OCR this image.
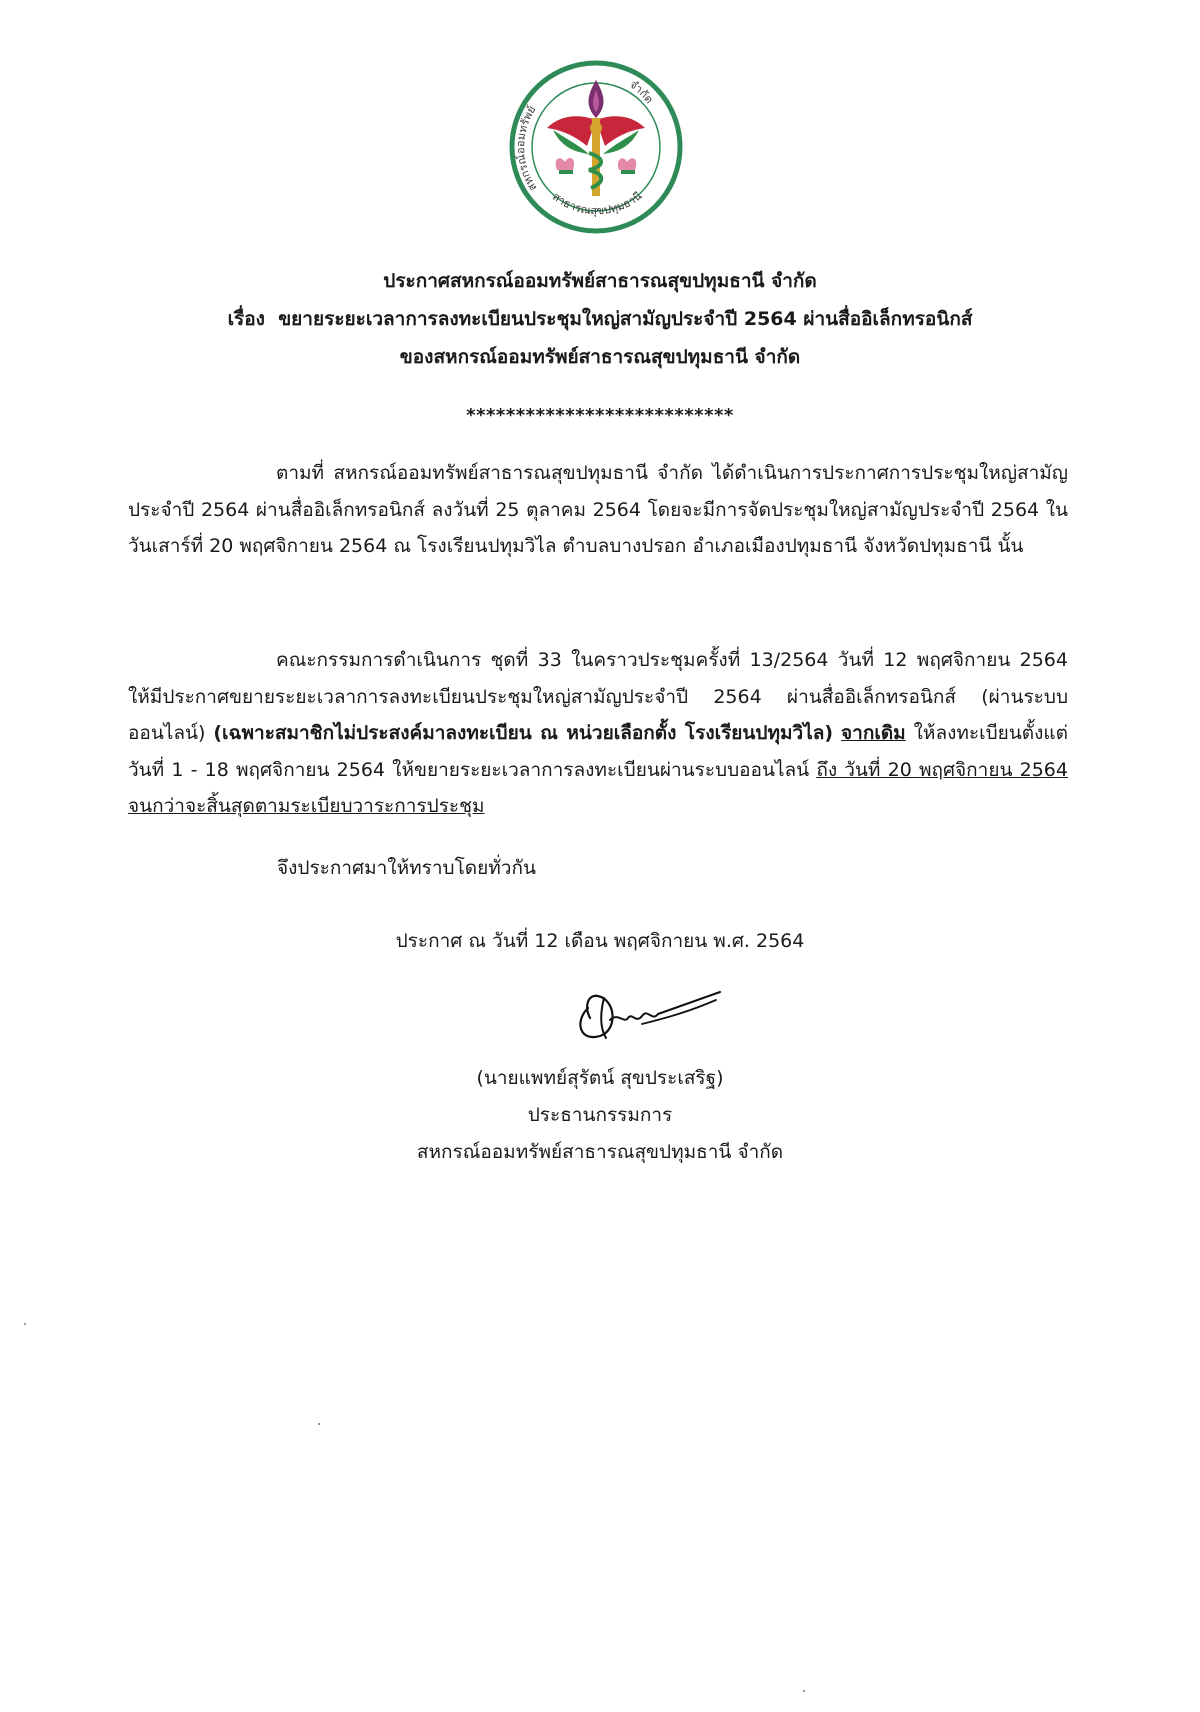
สหกรณ์ออมทรัพย์
สาธารณสุขปทุมธานี
จำกัด
ประกาศสหกรณ์ออมทรัพย์สาธารณสุขปทุมธานี จำกัด
เรื่อง ขยายระยะเวลาการลงทะเบียนประชุมใหญ่สามัญประจำปี 2564 ผ่านสื่ออิเล็กทรอนิกส์
ของสหกรณ์ออมทรัพย์สาธารณสุขปทุมธานี จำกัด
***************************
ตามที่ สหกรณ์ออมทรัพย์สาธารณสุขปทุมธานี จำกัด ได้ดำเนินการประกาศการประชุมใหญ่สามัญประจำปี 2564 ผ่านสื่ออิเล็กทรอนิกส์ ลงวันที่ 25 ตุลาคม 2564 โดยจะมีการจัดประชุมใหญ่สามัญประจำปี 2564 ในวันเสาร์ที่ 20 พฤศจิกายน 2564 ณ โรงเรียนปทุมวิไล ตำบลบางปรอก อำเภอเมืองปทุมธานี จังหวัดปทุมธานี นั้น
คณะกรรมการดำเนินการ ชุดที่ 33 ในคราวประชุมครั้งที่ 13/2564 วันที่ 12 พฤศจิกายน 2564 ให้มีประกาศขยายระยะเวลาการลงทะเบียนประชุมใหญ่สามัญประจำปี 2564 ผ่านสื่ออิเล็กทรอนิกส์ (ผ่านระบบออนไลน์) (เฉพาะสมาชิกไม่ประสงค์มาลงทะเบียน ณ หน่วยเลือกตั้ง โรงเรียนปทุมวิไล) จากเดิม ให้ลงทะเบียนตั้งแต่วันที่ 1 - 18 พฤศจิกายน 2564 ให้ขยายระยะเวลาการลงทะเบียนผ่านระบบออนไลน์ ถึง วันที่ 20 พฤศจิกายน 2564 จนกว่าจะสิ้นสุดตามระเบียบวาระการประชุม
จึงประกาศมาให้ทราบโดยทั่วกัน
ประกาศ ณ วันที่ 12 เดือน พฤศจิกายน พ.ศ. 2564
(นายแพทย์สุรัตน์ สุขประเสริฐ)
ประธานกรรมการ
สหกรณ์ออมทรัพย์สาธารณสุขปทุมธานี จำกัด
